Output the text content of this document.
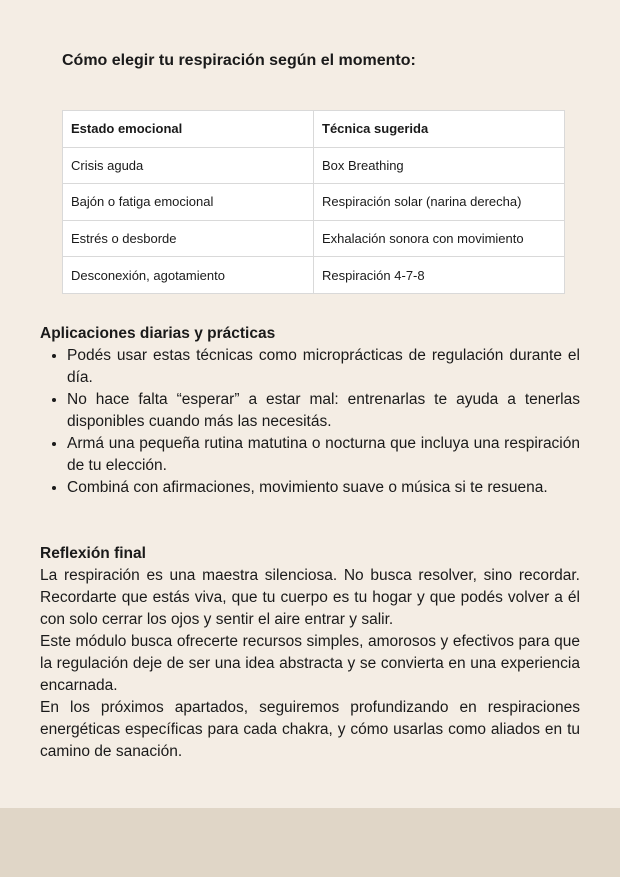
Cómo elegir tu respiración según el momento:
Estado emocional	Técnica sugerida
Crisis aguda	Box Breathing
Bajón o fatiga emocional	Respiración solar (narina derecha)
Estrés o desborde	Exhalación sonora con movimiento
Desconexión, agotamiento	Respiración 4-7-8
Aplicaciones diarias y prácticas
• Podés usar estas técnicas como microprácticas de regulación durante el día.
• No hace falta “esperar” a estar mal: entrenarlas te ayuda a tenerlas disponibles cuando más las necesitás.
• Armá una pequeña rutina matutina o nocturna que incluya una respiración de tu elección.
• Combiná con afirmaciones, movimiento suave o música si te resuena.
Reflexión final

La respiración es una maestra silenciosa. No busca resolver, sino recordar. Recordarte que estás viva, que tu cuerpo es tu hogar y que podés volver a él con solo cerrar los ojos y sentir el aire entrar y salir.

Este módulo busca ofrecerte recursos simples, amorosos y efectivos para que la regulación deje de ser una idea abstracta y se convierta en una experiencia encarnada.

En los próximos apartados, seguiremos profundizando en respiraciones energéticas específicas para cada chakra, y cómo usarlas como aliados en tu camino de sanación.
